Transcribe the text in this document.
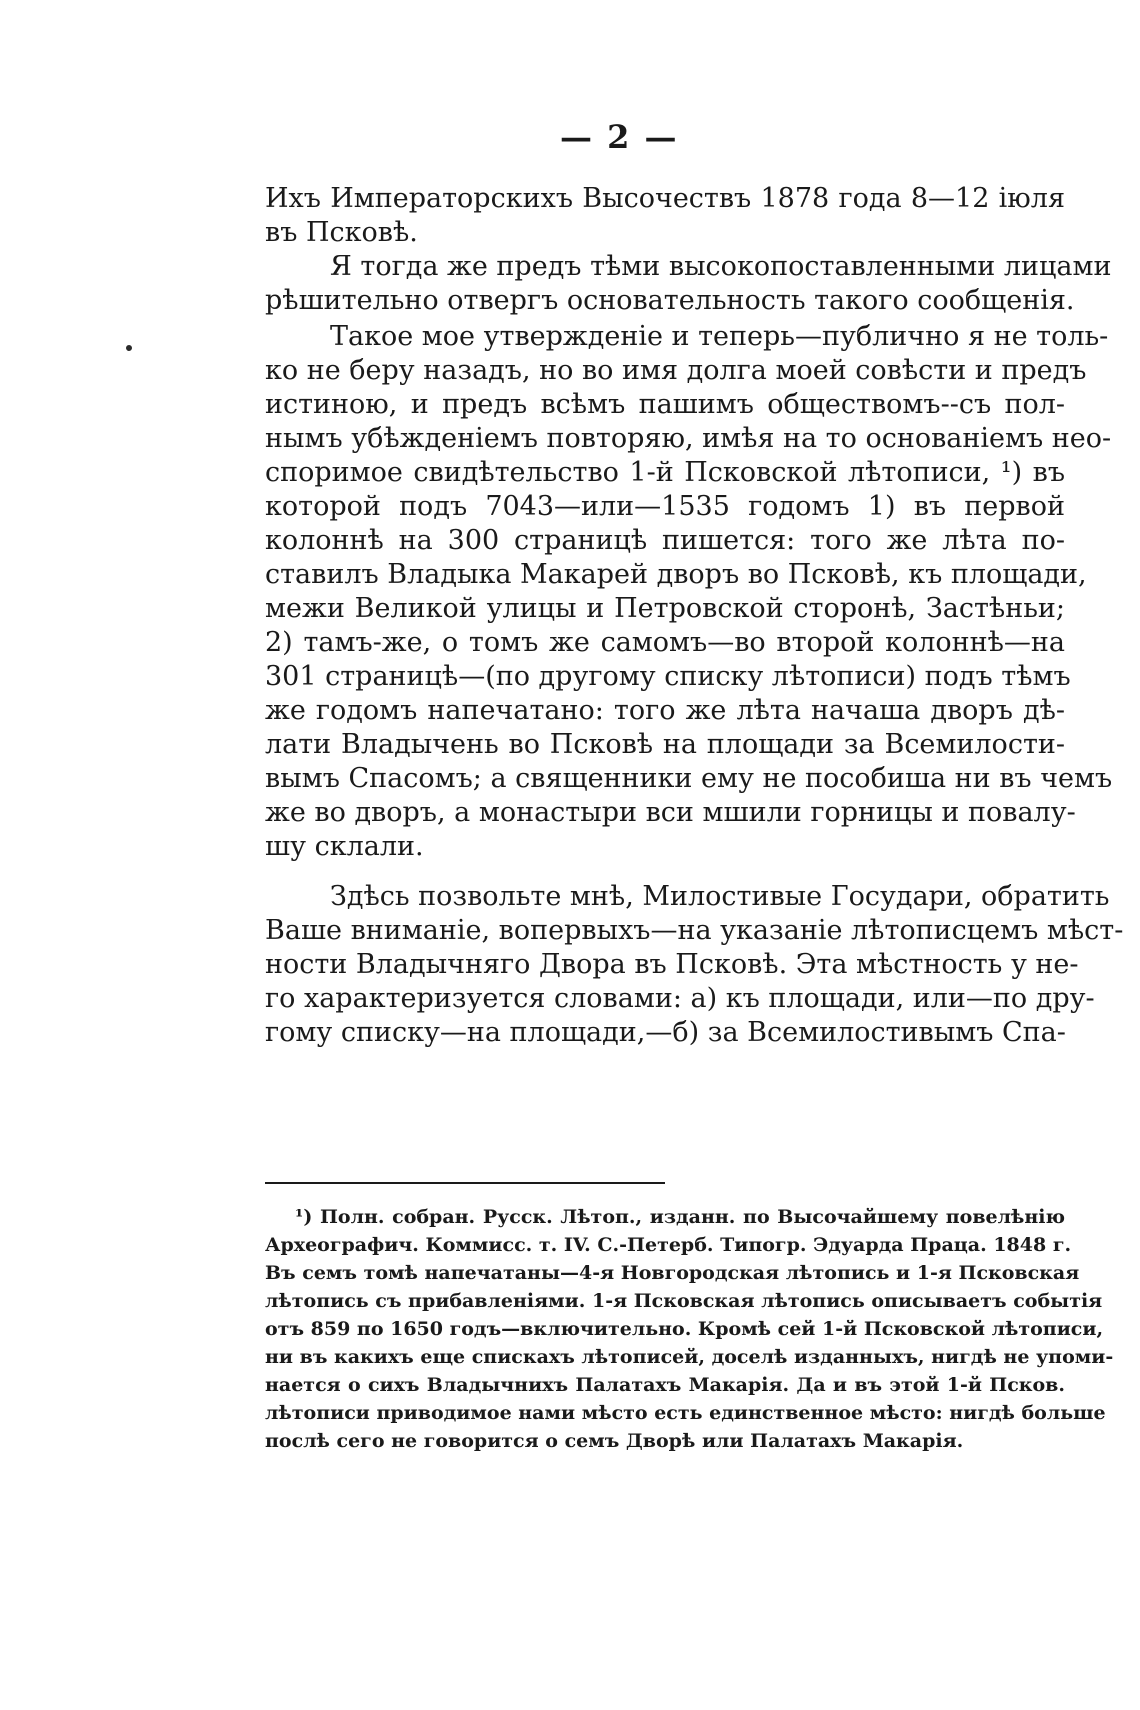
— 2 —
Ихъ Императорскихъ Высочествъ 1878 года 8—12 іюля
въ Псковѣ.
Я тогда же предъ тѣми высокопоставленными лицами
рѣшительно отвергъ основательность такого сообщенія.
Такое мое утвержденіе и теперь—публично я не толь-
ко не беру назадъ, но во имя долга моей совѣсти и предъ
истиною, и предъ всѣмъ пашимъ обществомъ--съ пол-
нымъ убѣжденіемъ повторяю, имѣя на то основаніемъ нео-
споримое свидѣтельство 1-й Псковской лѣтописи, ¹) въ
которой подъ 7043—или—1535 годомъ 1) въ первой
колоннѣ на 300 страницѣ пишется: того же лѣта по-
ставилъ Владыка Макарей дворъ во Псковѣ, къ площади,
межи Великой улицы и Петровской сторонѣ, Застѣньи;
2) тамъ-же, о томъ же самомъ—во второй колоннѣ—на
301 страницѣ—(по другому списку лѣтописи) подъ тѣмъ
же годомъ напечатано: того же лѣта начаша дворъ дѣ-
лати Владычень во Псковѣ на площади за Всемилости-
вымъ Спасомъ; а священники ему не пособиша ни въ чемъ
же во дворъ, а монастыри вси мшили горницы и повалу-
шу склали.
Здѣсь позвольте мнѣ, Милостивые Государи, обратить
Ваше вниманіе, вопервыхъ—на указаніе лѣтописцемъ мѣст-
ности Владычняго Двора въ Псковѣ. Эта мѣстность у не-
го характеризуется словами: а) къ площади, или—по дру-
гому списку—на площади,—б) за Всемилостивымъ Спа-
¹) Полн. собран. Русск. Лѣтоп., изданн. по Высочайшему повелѣнію
Археографич. Коммисс. т. IV. С.-Петерб. Типогр. Эдуарда Праца. 1848 г.
Въ семъ томѣ напечатаны—4-я Новгородская лѣтопись и 1-я Псковская
лѣтопись съ прибавленіями. 1-я Псковская лѣтопись описываетъ событія
отъ 859 по 1650 годъ—включительно. Кромѣ сей 1-й Псковской лѣтописи,
ни въ какихъ еще спискахъ лѣтописей, доселѣ изданныхъ, нигдѣ не упоми-
нается о сихъ Владычнихъ Палатахъ Макарія. Да и въ этой 1-й Псков.
лѣтописи приводимое нами мѣсто есть единственное мѣсто: нигдѣ больше
послѣ сего не говорится о семъ Дворѣ или Палатахъ Макарія.
